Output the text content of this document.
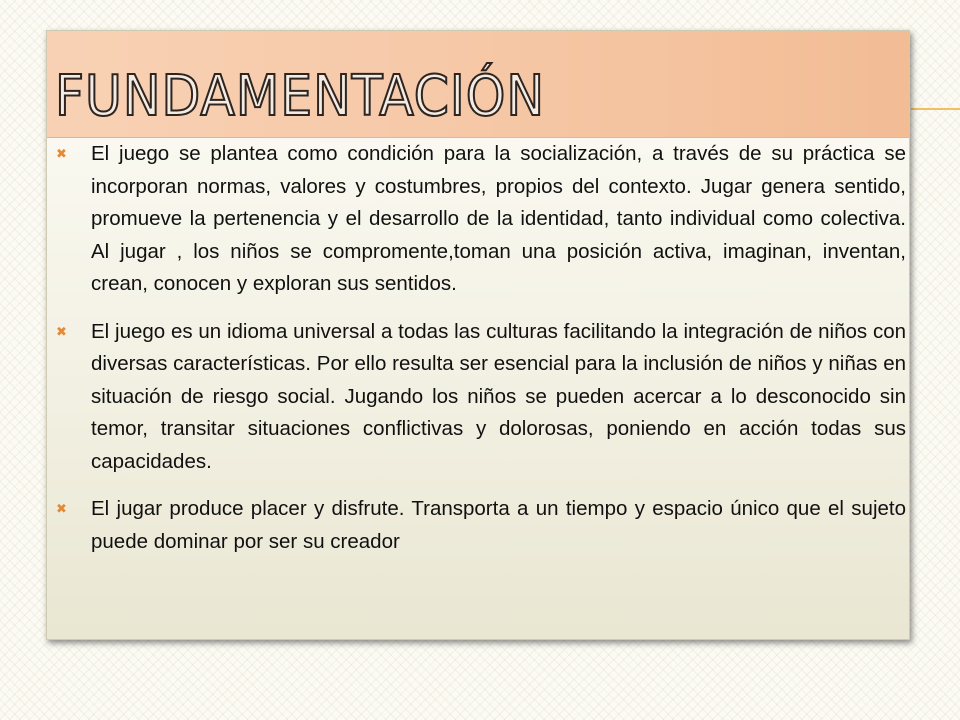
FUNDAMENTACIÓN
✖ El juego se plantea como condición para la socialización, a través de su práctica se incorporan normas, valores y costumbres, propios del contexto. Jugar genera sentido, promueve la pertenencia y el desarrollo de la identidad, tanto individual como colectiva. Al jugar , los niños se compromente,toman una posición activa, imaginan, inventan, crean, conocen y exploran sus sentidos.
✖ El juego es un idioma universal a todas las culturas facilitando la integración de niños con diversas características. Por ello resulta ser esencial para la inclusión de niños y niñas en situación de riesgo social. Jugando los niños se pueden acercar a lo desconocido sin temor, transitar situaciones conflictivas y dolorosas, poniendo en acción todas sus capacidades.
✖ El jugar produce placer y disfrute. Transporta a un tiempo y espacio único que el sujeto puede dominar por ser su creador
